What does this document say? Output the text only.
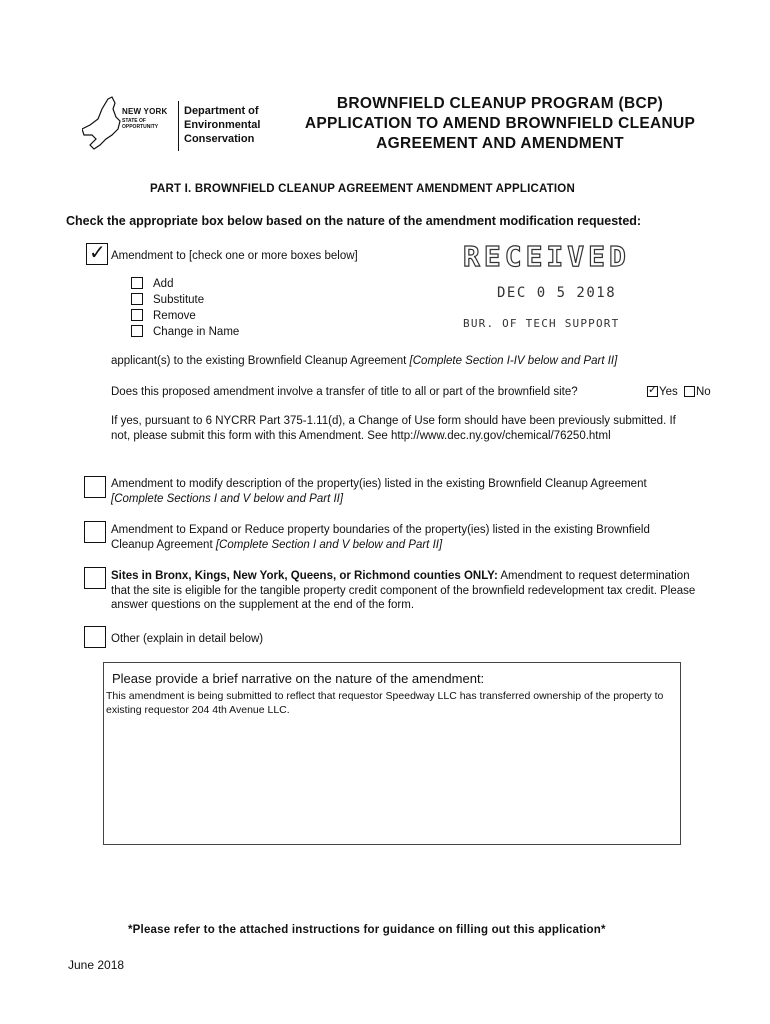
NEW YORK
STATE OF
OPPORTUNITY
Department of
Environmental
Conservation
BROWNFIELD CLEANUP PROGRAM (BCP)
APPLICATION TO AMEND BROWNFIELD CLEANUP
AGREEMENT AND AMENDMENT
PART I. BROWNFIELD CLEANUP AGREEMENT AMENDMENT APPLICATION
Check the appropriate box below based on the nature of the amendment modification requested:
RECEIVED
DEC 0 5 2018
BUR. OF TECH SUPPORT
✓ Amendment to [check one or more boxes below]
Add
Substitute
Remove
Change in Name
applicant(s) to the existing Brownfield Cleanup Agreement [Complete Section I-IV below and Part II]
Does this proposed amendment involve a transfer of title to all or part of the brownfield site?	✓ Yes No
If yes, pursuant to 6 NYCRR Part 375-1.11(d), a Change of Use form should have been previously submitted. If not, please submit this form with this Amendment. See http://www.dec.ny.gov/chemical/76250.html
Amendment to modify description of the property(ies) listed in the existing Brownfield Cleanup Agreement [Complete Sections I and V below and Part II]
Amendment to Expand or Reduce property boundaries of the property(ies) listed in the existing Brownfield Cleanup Agreement [Complete Section I and V below and Part II]
Sites in Bronx, Kings, New York, Queens, or Richmond counties ONLY: Amendment to request determination that the site is eligible for the tangible property credit component of the brownfield redevelopment tax credit. Please answer questions on the supplement at the end of the form.
Other (explain in detail below)
Please provide a brief narrative on the nature of the amendment:
This amendment is being submitted to reflect that requestor Speedway LLC has transferred ownership of the property to existing requestor 204 4th Avenue LLC.
*Please refer to the attached instructions for guidance on filling out this application*
June 2018
